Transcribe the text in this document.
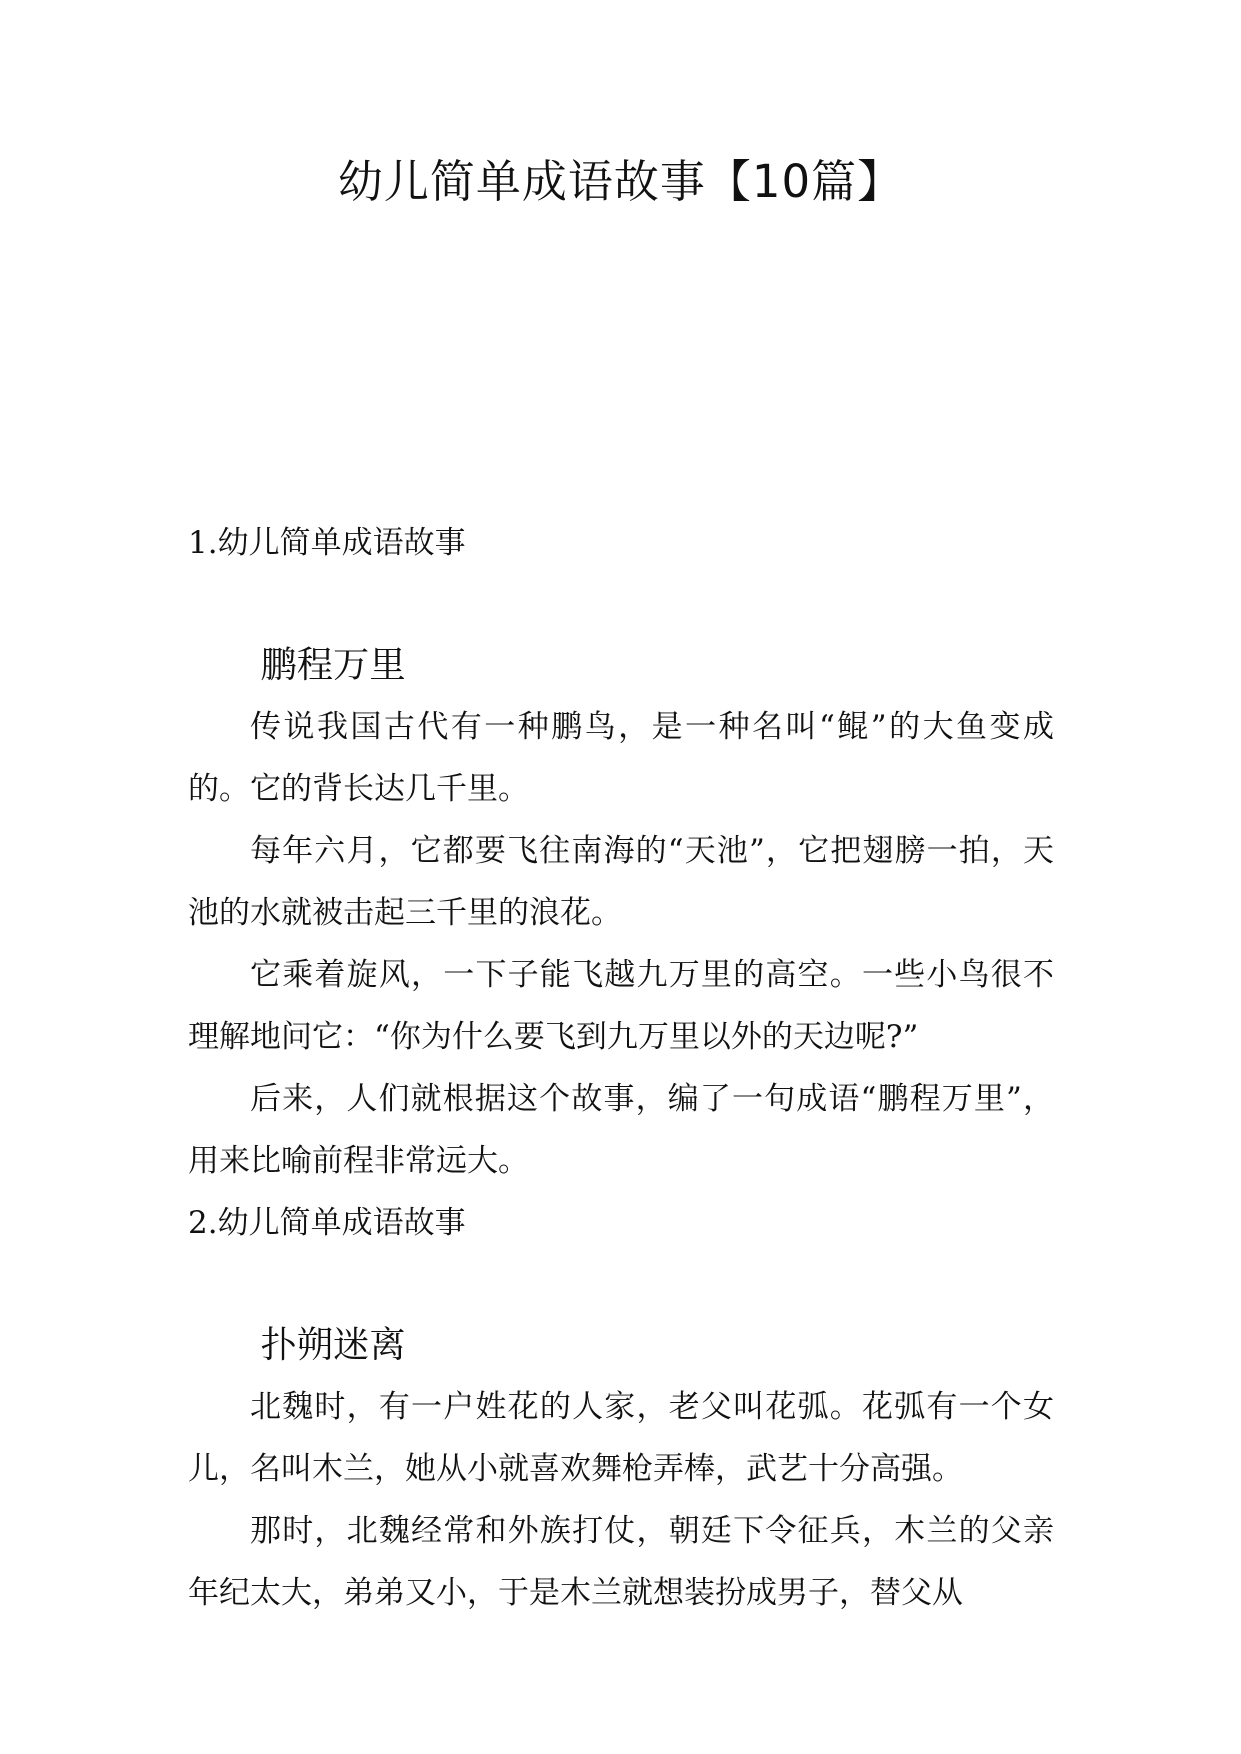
幼儿简单成语故事【10篇】
1.幼儿简单成语故事
鹏程万里

传说我国古代有一种鹏鸟，是一种名叫“鲲”的大鱼变成的。它的背长达几千里。

每年六月，它都要飞往南海的“天池”，它把翅膀一拍，天池的水就被击起三千里的浪花。

它乘着旋风，一下子能飞越九万里的高空。一些小鸟很不理解地问它：“你为什么要飞到九万里以外的天边呢?”

后来，人们就根据这个故事，编了一句成语“鹏程万里”，用来比喻前程非常远大。

2.幼儿简单成语故事
扑朔迷离

北魏时，有一户姓花的人家，老父叫花弧。花弧有一个女儿，名叫木兰，她从小就喜欢舞枪弄棒，武艺十分高强。

那时，北魏经常和外族打仗，朝廷下令征兵，木兰的父亲年纪太大，弟弟又小，于是木兰就想装扮成男子，替父从
